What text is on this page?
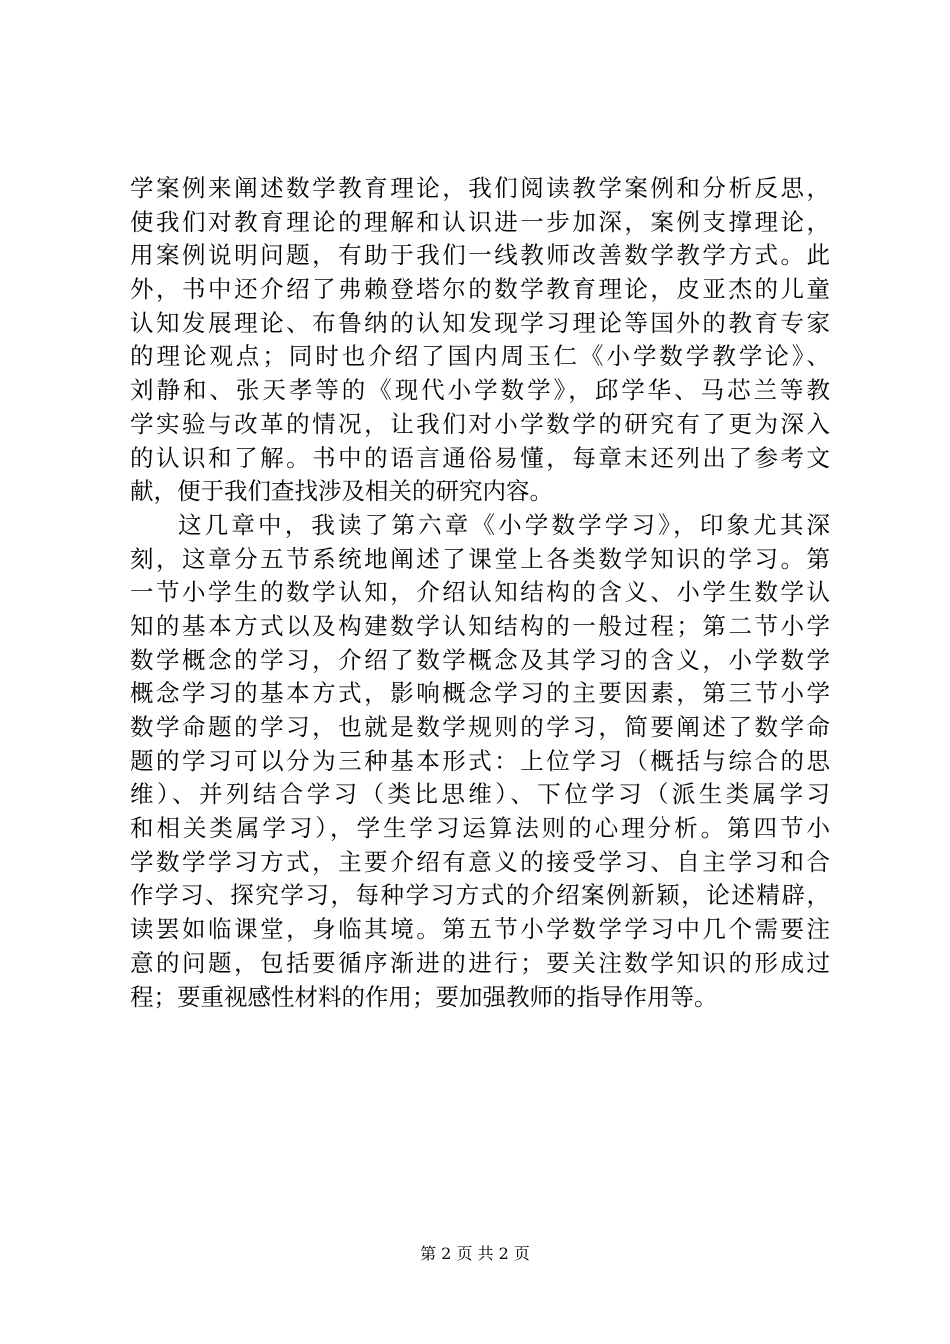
学案例来阐述数学教育理论，我们阅读教学案例和分析反思，
使我们对教育理论的理解和认识进一步加深，案例支撑理论，
用案例说明问题，有助于我们一线教师改善数学教学方式。此
外，书中还介绍了弗赖登塔尔的数学教育理论，皮亚杰的儿童
认知发展理论、布鲁纳的认知发现学习理论等国外的教育专家
的理论观点；同时也介绍了国内周玉仁《小学数学教学论》、
刘静和、张天孝等的《现代小学数学》，邱学华、马芯兰等教
学实验与改革的情况，让我们对小学数学的研究有了更为深入
的认识和了解。书中的语言通俗易懂，每章末还列出了参考文
献，便于我们查找涉及相关的研究内容。
这几章中，我读了第六章《小学数学学习》，印象尤其深
刻，这章分五节系统地阐述了课堂上各类数学知识的学习。第
一节小学生的数学认知，介绍认知结构的含义、小学生数学认
知的基本方式以及构建数学认知结构的一般过程；第二节小学
数学概念的学习，介绍了数学概念及其学习的含义，小学数学
概念学习的基本方式，影响概念学习的主要因素，第三节小学
数学命题的学习，也就是数学规则的学习，简要阐述了数学命
题的学习可以分为三种基本形式：上位学习（概括与综合的思
维）、并列结合学习（类比思维）、下位学习（派生类属学习
和相关类属学习），学生学习运算法则的心理分析。第四节小
学数学学习方式，主要介绍有意义的接受学习、自主学习和合
作学习、探究学习，每种学习方式的介绍案例新颖，论述精辟，
读罢如临课堂，身临其境。第五节小学数学学习中几个需要注
意的问题，包括要循序渐进的进行；要关注数学知识的形成过
程；要重视感性材料的作用；要加强教师的指导作用等。
第 2 页 共 2 页
